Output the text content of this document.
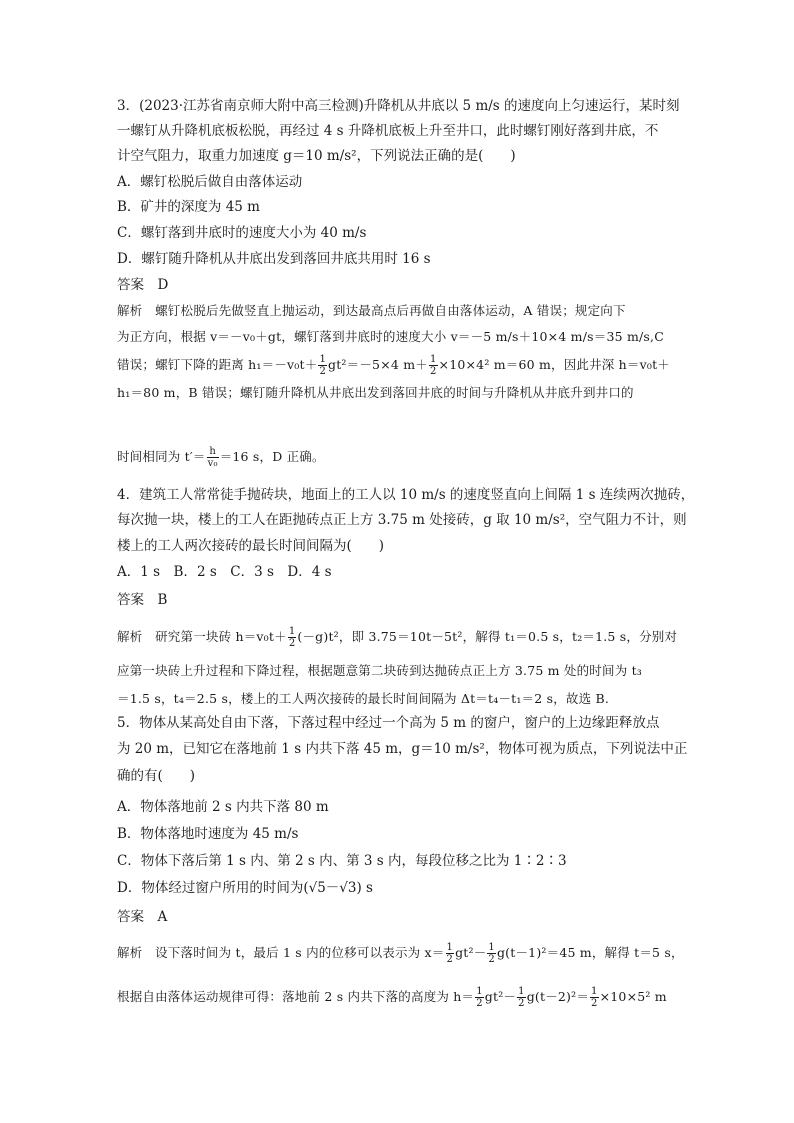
3．(2023·江苏省南京师大附中高三检测)升降机从井底以 5 m/s 的速度向上匀速运行，某时刻
一螺钉从升降机底板松脱，再经过 4 s 升降机底板上升至井口，此时螺钉刚好落到井底，不
计空气阻力，取重力加速度 g＝10 m/s²，下列说法正确的是(　　)
A．螺钉松脱后做自由落体运动
B．矿井的深度为 45 m
C．螺钉落到井底时的速度大小为 40 m/s
D．螺钉随升降机从井底出发到落回井底共用时 16 s
答案　D
解析　螺钉松脱后先做竖直上抛运动，到达最高点后再做自由落体运动，A 错误；规定向下
为正方向，根据 v＝－v₀＋gt，螺钉落到井底时的速度大小 v＝－5 m/s＋10×4 m/s＝35 m/s,C
错误；螺钉下降的距离 $h_1=-v_0t+ \frac{1}{2} gt^2=-5\times 4$ $m+ \frac{1}{2} \times 10\times 4^2$ m＝60 m，因此井深 h＝v₀t＋
h₁＝80 m，B 错误；螺钉随升降机从井底出发到落回井底的时间与升降机从井底升到井口的
时间相同为 $t'= \frac{h}{\text{v₀}} =16$ s，D 正确。
4．建筑工人常常徒手抛砖块，地面上的工人以 10 m/s 的速度竖直向上间隔 1 s 连续两次抛砖，
每次抛一块，楼上的工人在距抛砖点正上方 3.75 m 处接砖，g 取 10 m/s²，空气阻力不计，则
楼上的工人两次接砖的最长时间间隔为(　　)
A．1 s　B．2 s　C．3 s　D．4 s
答案　B
解析　研究第一块砖 $h=v_0t+ \frac{1}{2} (-g)t^2$，即 3.75＝10t－5t²，解得 t₁＝0.5 s，t₂＝1.5 s，分别对
应第一块砖上升过程和下降过程，根据题意第二块砖到达抛砖点正上方 3.75 m 处的时间为 t₃
＝1.5 s，t₄＝2.5 s，楼上的工人两次接砖的最长时间间隔为 Δt＝t₄－t₁＝2 s，故选 B.
5．物体从某高处自由下落，下落过程中经过一个高为 5 m 的窗户，窗户的上边缘距释放点
为 20 m，已知它在落地前 1 s 内共下落 45 m，g＝10 m/s²，物体可视为质点，下列说法中正
确的有(　　)
A．物体落地前 2 s 内共下落 80 m
B．物体落地时速度为 45 m/s
C．物体下落后第 1 s 内、第 2 s 内、第 3 s 内，每段位移之比为 1∶2∶3
D．物体经过窗户所用的时间为(√5－√3) s
答案　A
解析　设下落时间为 t，最后 1 s 内的位移可以表示为 $x= \frac{1}{2} gt^2- \frac{1}{2} g(t-1)^2=45$ m，解得 t＝5 s，
根据自由落体运动规律可得：落地前 2 s 内共下落的高度为 $h= \frac{1}{2} gt^2- \frac{1}{2} g(t-2)^2= \frac{1}{2} \times 10\times 5^2$ m
